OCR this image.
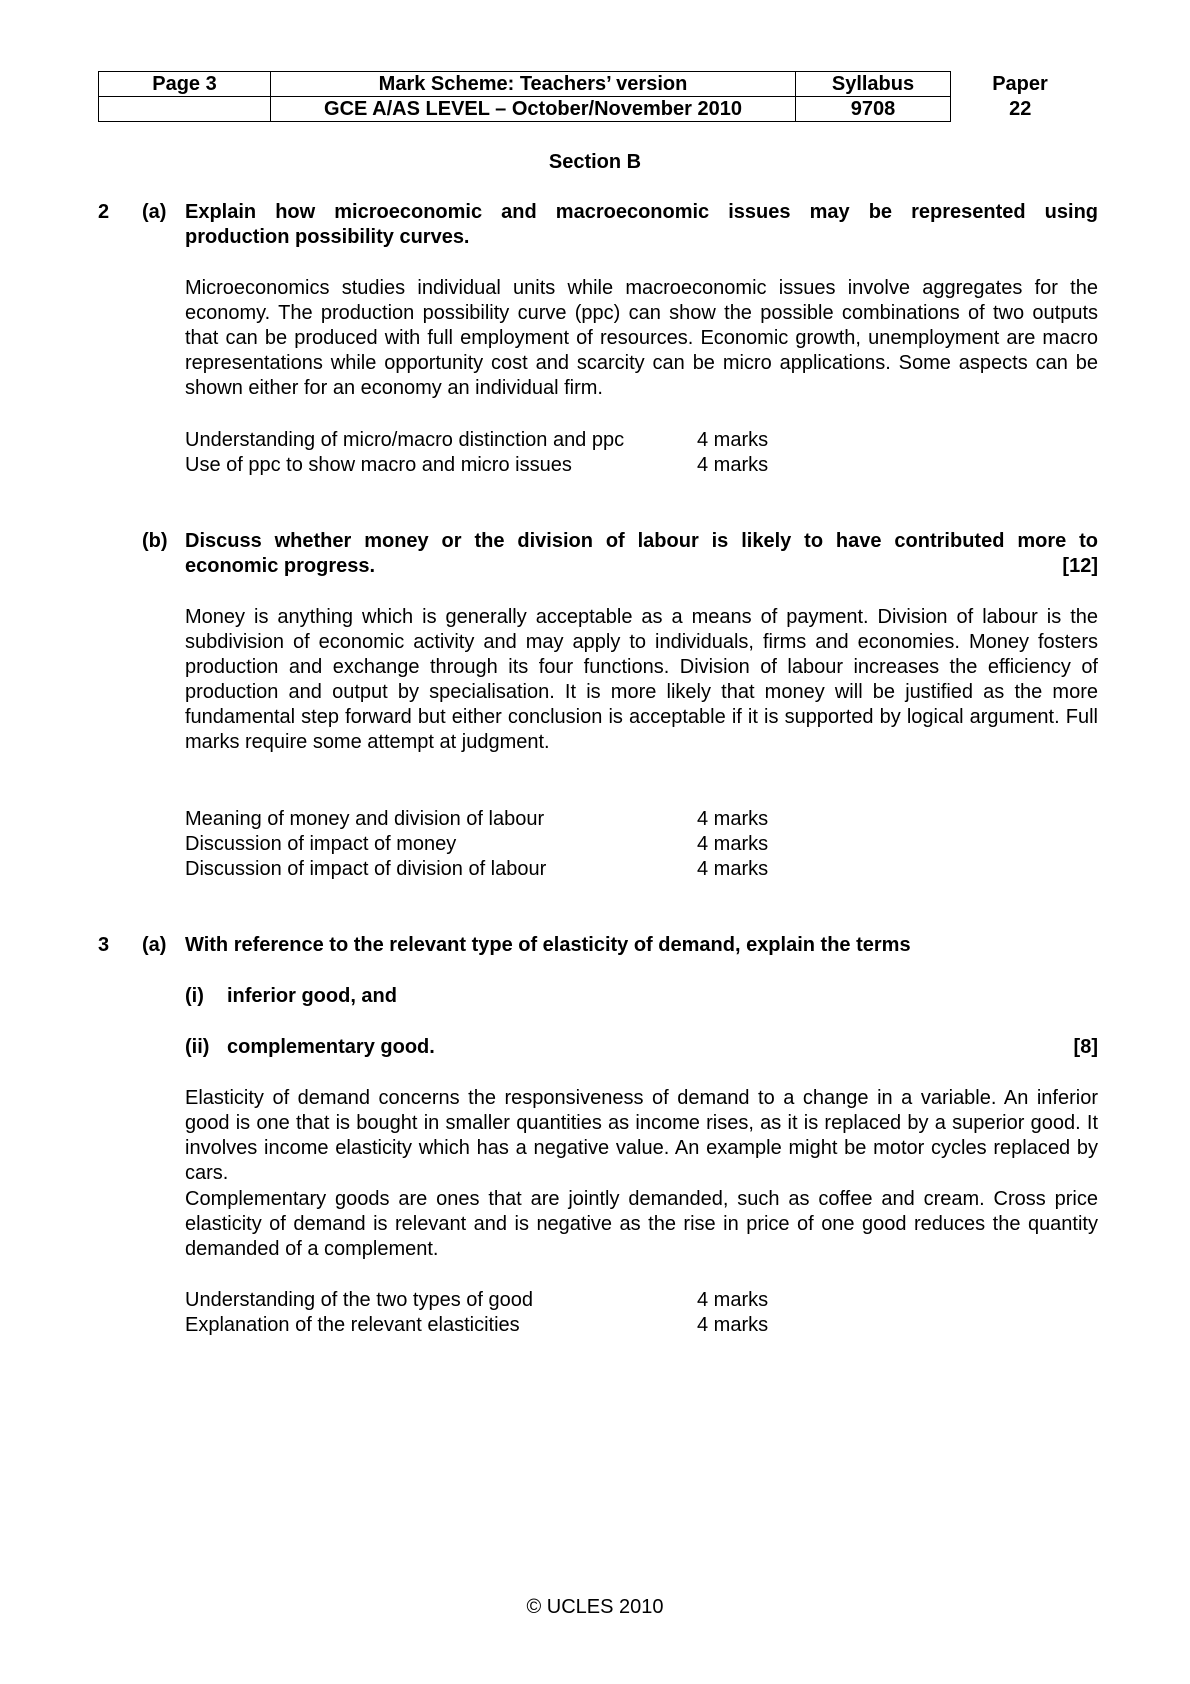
Page 3	Mark Scheme: Teachers’ version	Syllabus	Paper
	GCE A/AS LEVEL – October/November 2010	9708	22
Section B
2 (a) Explain how microeconomic and macroeconomic issues may be represented using
production possibility curves.
Microeconomics studies individual units while macroeconomic issues involve aggregates for the economy. The production possibility curve (ppc) can show the possible combinations of two outputs that can be produced with full employment of resources. Economic growth, unemployment are macro representations while opportunity cost and scarcity can be micro applications. Some aspects can be shown either for an economy an individual firm.
Understanding of micro/macro distinction and ppc	4 marks
Use of ppc to show macro and micro issues	4 marks
(b) Discuss whether money or the division of labour is likely to have contributed more to
economic progress.	[12]
Money is anything which is generally acceptable as a means of payment. Division of labour is the subdivision of economic activity and may apply to individuals, firms and economies. Money fosters production and exchange through its four functions. Division of labour increases the efficiency of production and output by specialisation. It is more likely that money will be justified as the more fundamental step forward but either conclusion is acceptable if it is supported by logical argument. Full marks require some attempt at judgment.
Meaning of money and division of labour	4 marks
Discussion of impact of money	4 marks
Discussion of impact of division of labour	4 marks
3 (a) With reference to the relevant type of elasticity of demand, explain the terms
(i) inferior good, and
(ii) complementary good.	[8]
Elasticity of demand concerns the responsiveness of demand to a change in a variable. An inferior good is one that is bought in smaller quantities as income rises, as it is replaced by a superior good. It involves income elasticity which has a negative value. An example might be motor cycles replaced by cars.
Complementary goods are ones that are jointly demanded, such as coffee and cream. Cross price elasticity of demand is relevant and is negative as the rise in price of one good reduces the quantity demanded of a complement.
Understanding of the two types of good	4 marks
Explanation of the relevant elasticities	4 marks
© UCLES 2010
